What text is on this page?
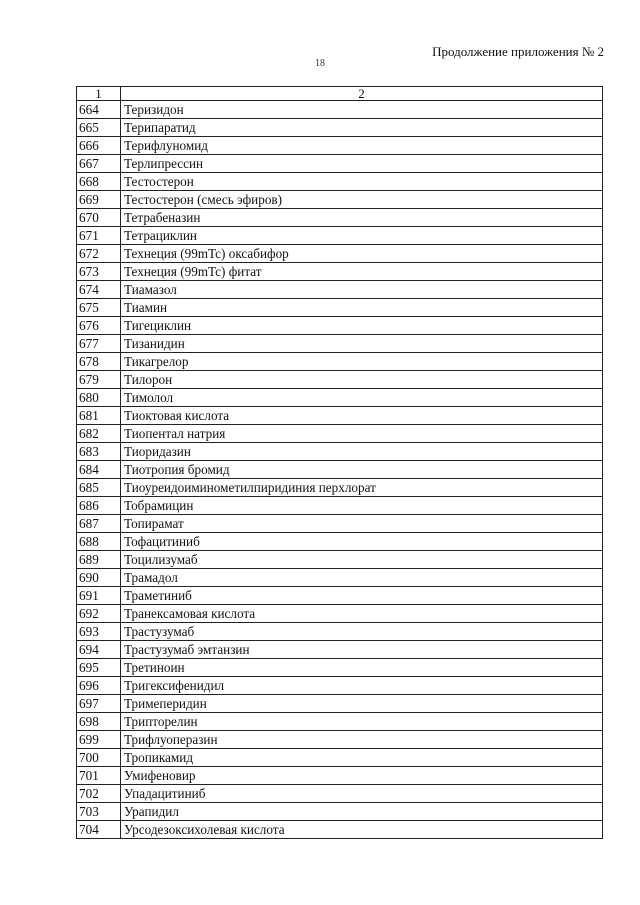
Продолжение приложения № 2
18
1	2
664	Теризидон
665	Терипаратид
666	Терифлуномид
667	Терлипрессин
668	Тестостерон
669	Тестостерон (смесь эфиров)
670	Тетрабеназин
671	Тетрациклин
672	Технеция (99mTc) оксабифор
673	Технеция (99mTc) фитат
674	Тиамазол
675	Тиамин
676	Тигециклин
677	Тизанидин
678	Тикагрелор
679	Тилорон
680	Тимолол
681	Тиоктовая кислота
682	Тиопентал натрия
683	Тиоридазин
684	Тиотропия бромид
685	Тиоуреидоиминометилпиридиния перхлорат
686	Тобрамицин
687	Топирамат
688	Тофацитиниб
689	Тоцилизумаб
690	Трамадол
691	Траметиниб
692	Транексамовая кислота
693	Трастузумаб
694	Трастузумаб эмтанзин
695	Третиноин
696	Тригексифенидил
697	Тримеперидин
698	Трипторелин
699	Трифлуоперазин
700	Тропикамид
701	Умифеновир
702	Упадацитиниб
703	Урапидил
704	Урсодезоксихолевая кислота
